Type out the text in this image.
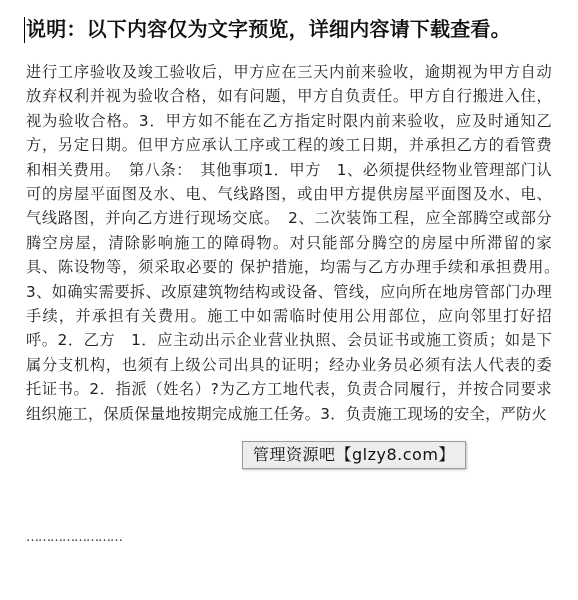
说明：以下内容仅为文字预览，详细内容请下载查看。
进行工序验收及竣工验收后，甲方应在三天内前来验收，逾期视为甲方自动放弃权利并视为验收合格，如有问题，甲方自负责任。甲方自行搬进入住，视为验收合格。3．甲方如不能在乙方指定时限内前来验收，应及时通知乙方，另定日期。但甲方应承认工序或工程的竣工日期，并承担乙方的看管费和相关费用。　第八条：　其他事项1．甲方　1、必须提供经物业管理部门认可的房屋平面图及水、电、气线路图，或由甲方提供房屋平面图及水、电、气线路图，并向乙方进行现场交底。　2、二次装饰工程，应全部腾空或部分腾空房屋，清除影响施工的障碍物。对只能部分腾空的房屋中所滞留的家具、陈设物等，须采取必要的 保护措施，均需与乙方办理手续和承担费用。　3、如确实需要拆、改原建筑物结构或设备、管线，应向所在地房管部门办理手续，并承担有关费用。施工中如需临时使用公用部位，应向邻里打好招呼。2．乙方　1．应主动出示企业营业执照、会员证书或施工资质；如是下属分支机构，也须有上级公司出具的证明；经办业务员必须有法人代表的委托证书。2．指派（姓名）?为乙方工地代表，负责合同履行，并按合同要求组织施工，保质保量地按期完成施工任务。3．负责施工现场的安全，严防火
管理资源吧【glzy8.com】
……………………
